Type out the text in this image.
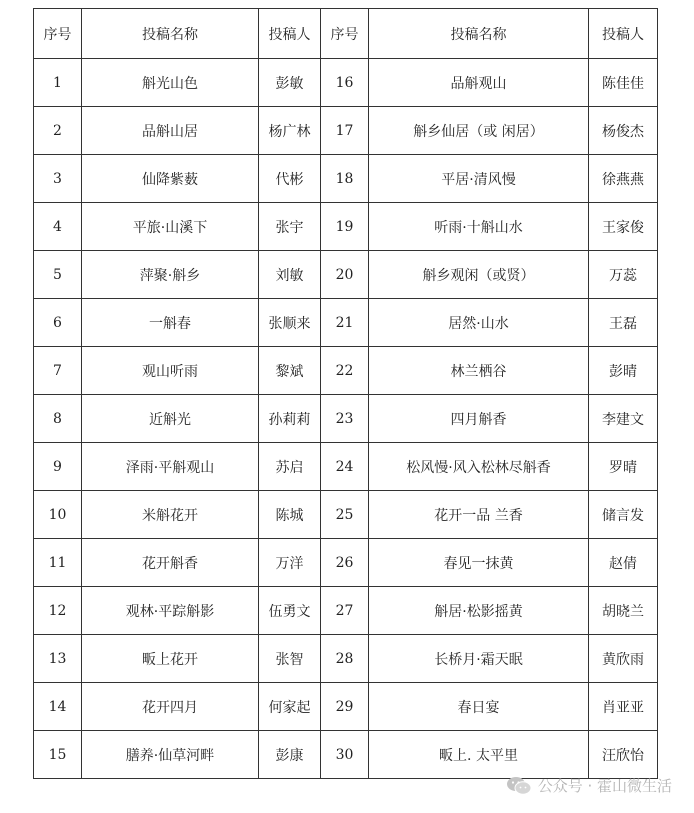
序号	投稿名称	投稿人	序号	投稿名称	投稿人
1	斛光山色	彭敏	16	品斛观山	陈佳佳
2	品斛山居	杨广林	17	斛乡仙居（或 闲居）	杨俊杰
3	仙降紫薮	代彬	18	平居·清风慢	徐燕燕
4	平旅·山溪下	张宇	19	听雨·十斛山水	王家俊
5	萍聚·斛乡	刘敏	20	斛乡观闲（或贤）	万蕊
6	一斛春	张顺来	21	居然·山水	王磊
7	观山听雨	黎斌	22	林兰栖谷	彭晴
8	近斛光	孙莉莉	23	四月斛香	李建文
9	泽雨·平斛观山	苏启	24	松风慢·风入松林尽斛香	罗晴
10	米斛花开	陈城	25	花开一品 兰香	储言发
11	花开斛香	万洋	26	春见一抹黄	赵倩
12	观林·平踪斛影	伍勇文	27	斛居·松影摇黄	胡晓兰
13	畈上花开	张智	28	长桥月·霜天眠	黄欣雨
14	花开四月	何家起	29	春日宴	肖亚亚
15	膳养·仙草河畔	彭康	30	畈上. 太平里	汪欣怡
公众号 · 霍山微生活
